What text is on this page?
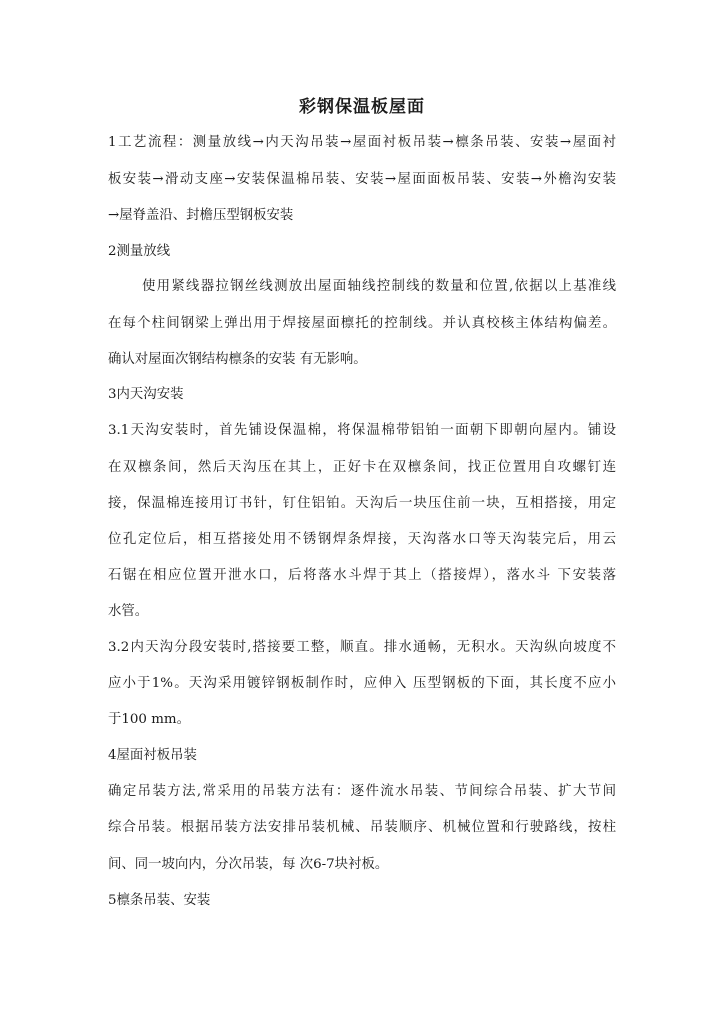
彩钢保温板屋面
1工艺流程：测量放线→内天沟吊装→屋面衬板吊装→檩条吊装、安装→屋面衬
板安装→滑动支座→安装保温棉吊装、安装→屋面面板吊装、安装→外檐沟安装
→屋脊盖沿、封檐压型钢板安装
2测量放线
使用紧线器拉钢丝线测放出屋面轴线控制线的数量和位置,依据以上基准线
在每个柱间钢梁上弹出用于焊接屋面檩托的控制线。并认真校核主体结构偏差。
确认对屋面次钢结构檩条的安装 有无影响。
3内天沟安装
3.1天沟安装时，首先铺设保温棉，将保温棉带铝铂一面朝下即朝向屋内。铺设
在双檩条间，然后天沟压在其上，正好卡在双檩条间，找正位置用自攻螺钉连
接，保温棉连接用订书针，钉住铝铂。天沟后一块压住前一块，互相搭接，用定
位孔定位后，相互搭接处用不锈钢焊条焊接，天沟落水口等天沟装完后，用云
石锯在相应位置开泄水口，后将落水斗焊于其上（搭接焊），落水斗 下安装落
水管。
3.2内天沟分段安装时,搭接要工整，顺直。排水通畅，无积水。天沟纵向坡度不
应小于1%。天沟采用镀锌钢板制作时，应伸入 压型钢板的下面，其长度不应小
于100 mm。
4屋面衬板吊装
确定吊装方法,常采用的吊装方法有：逐件流水吊装、节间综合吊装、扩大节间
综合吊装。根据吊装方法安排吊装机械、吊装顺序、机械位置和行驶路线，按柱
间、同一坡向内，分次吊装，每 次6-7块衬板。
5檩条吊装、安装
